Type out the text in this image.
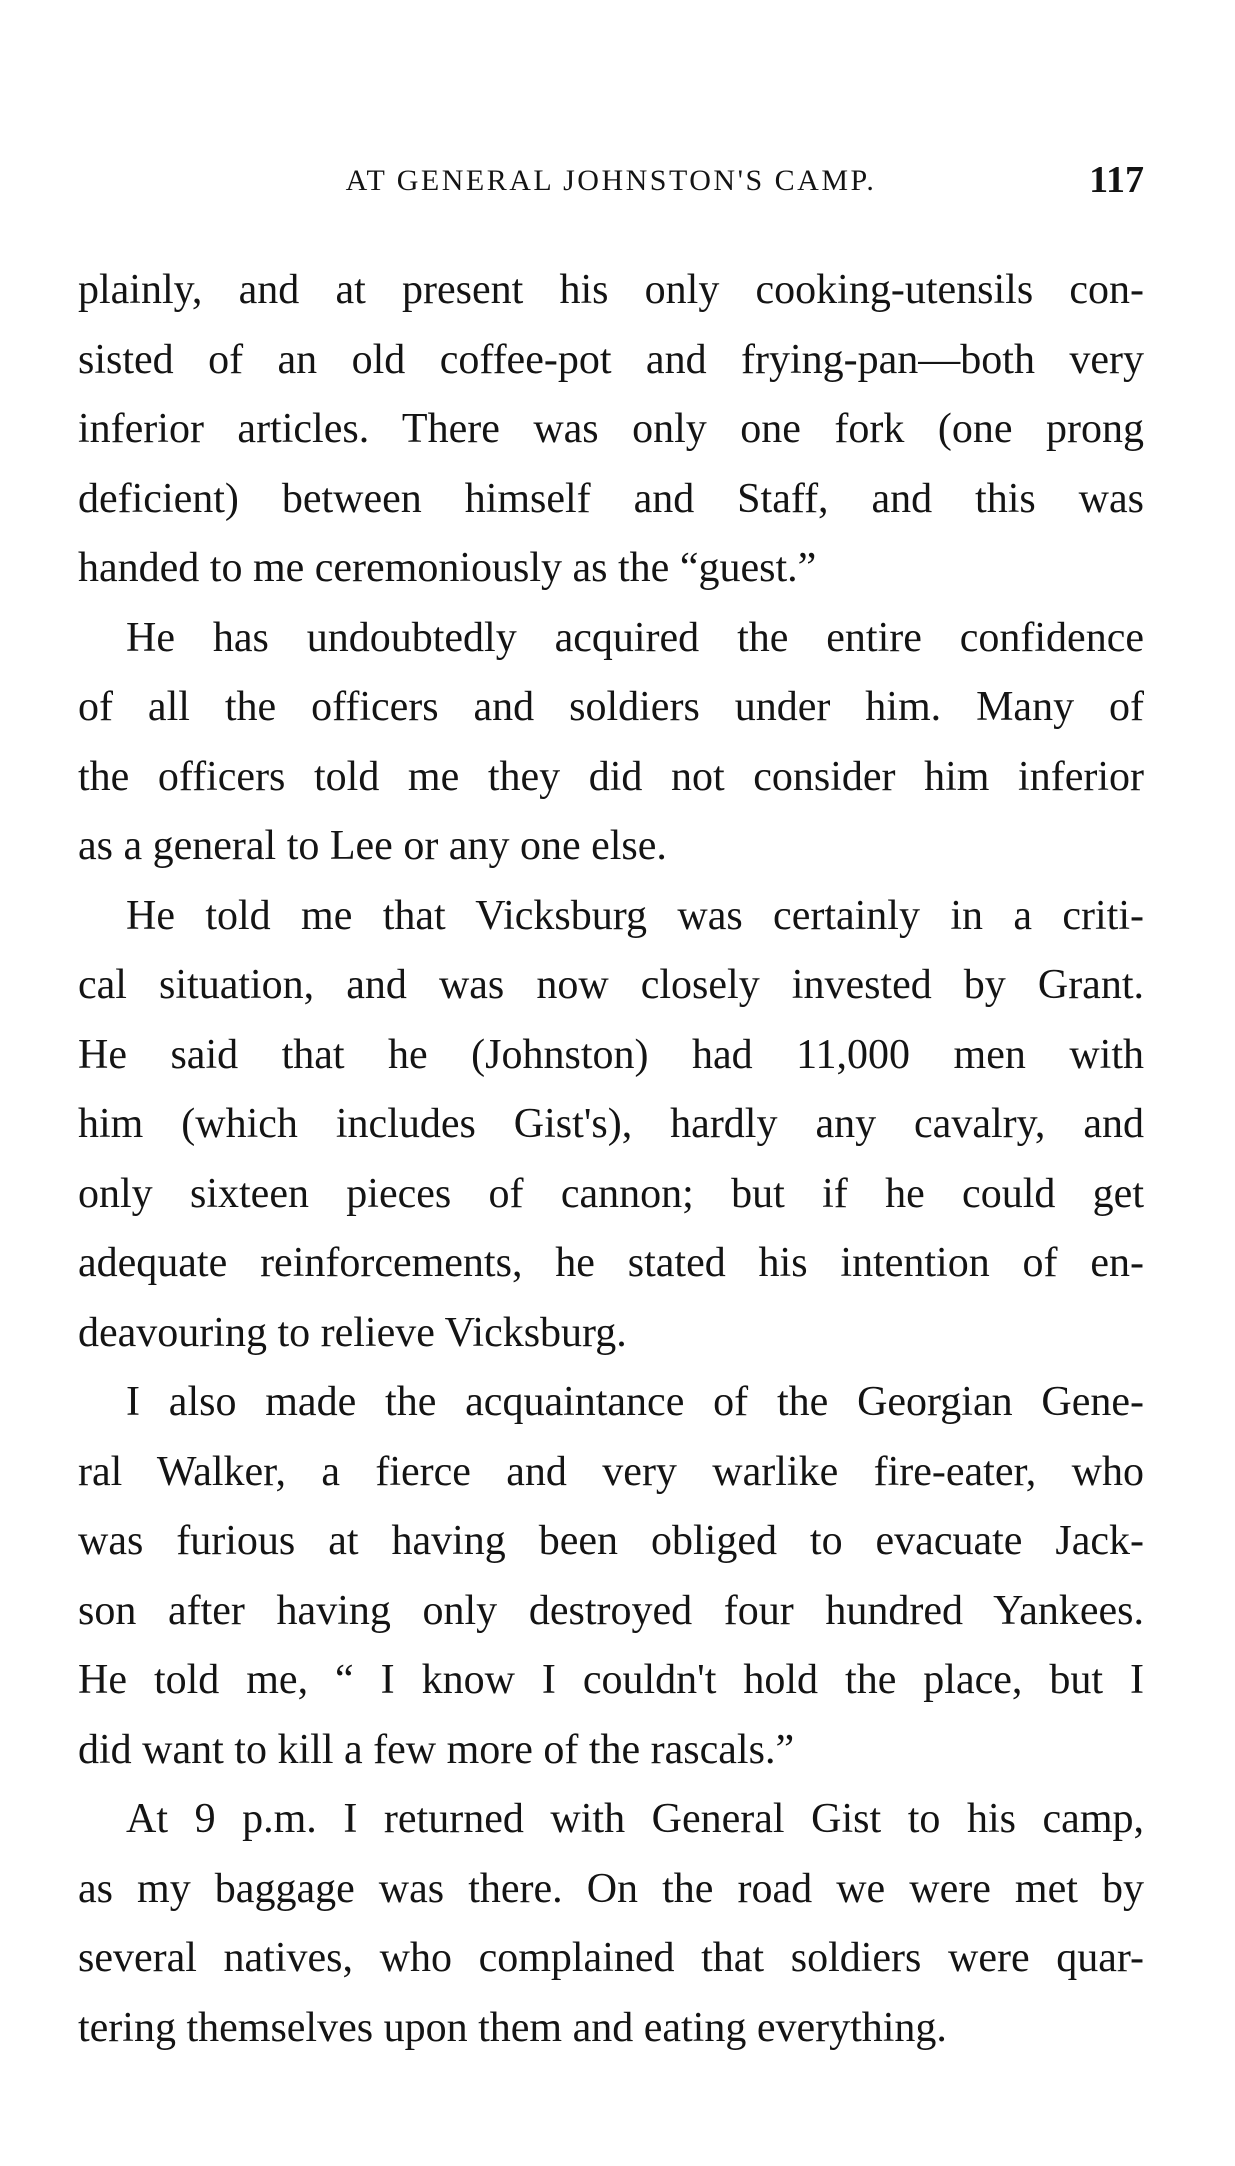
AT GENERAL JOHNSTON'S CAMP.	117
plainly, and at present his only cooking-utensils con-
sisted of an old coffee-pot and frying-pan—both very
inferior articles. There was only one fork (one prong
deficient) between himself and Staff, and this was
handed to me ceremoniously as the “guest.”
He has undoubtedly acquired the entire confidence
of all the officers and soldiers under him. Many of
the officers told me they did not consider him inferior
as a general to Lee or any one else.
He told me that Vicksburg was certainly in a criti-
cal situation, and was now closely invested by Grant.
He said that he (Johnston) had 11,000 men with
him (which includes Gist's), hardly any cavalry, and
only sixteen pieces of cannon; but if he could get
adequate reinforcements, he stated his intention of en-
deavouring to relieve Vicksburg.
I also made the acquaintance of the Georgian Gene-
ral Walker, a fierce and very warlike fire-eater, who
was furious at having been obliged to evacuate Jack-
son after having only destroyed four hundred Yankees.
He told me, “ I know I couldn't hold the place, but I
did want to kill a few more of the rascals.”
At 9 p.m. I returned with General Gist to his camp,
as my baggage was there. On the road we were met by
several natives, who complained that soldiers were quar-
tering themselves upon them and eating everything.
